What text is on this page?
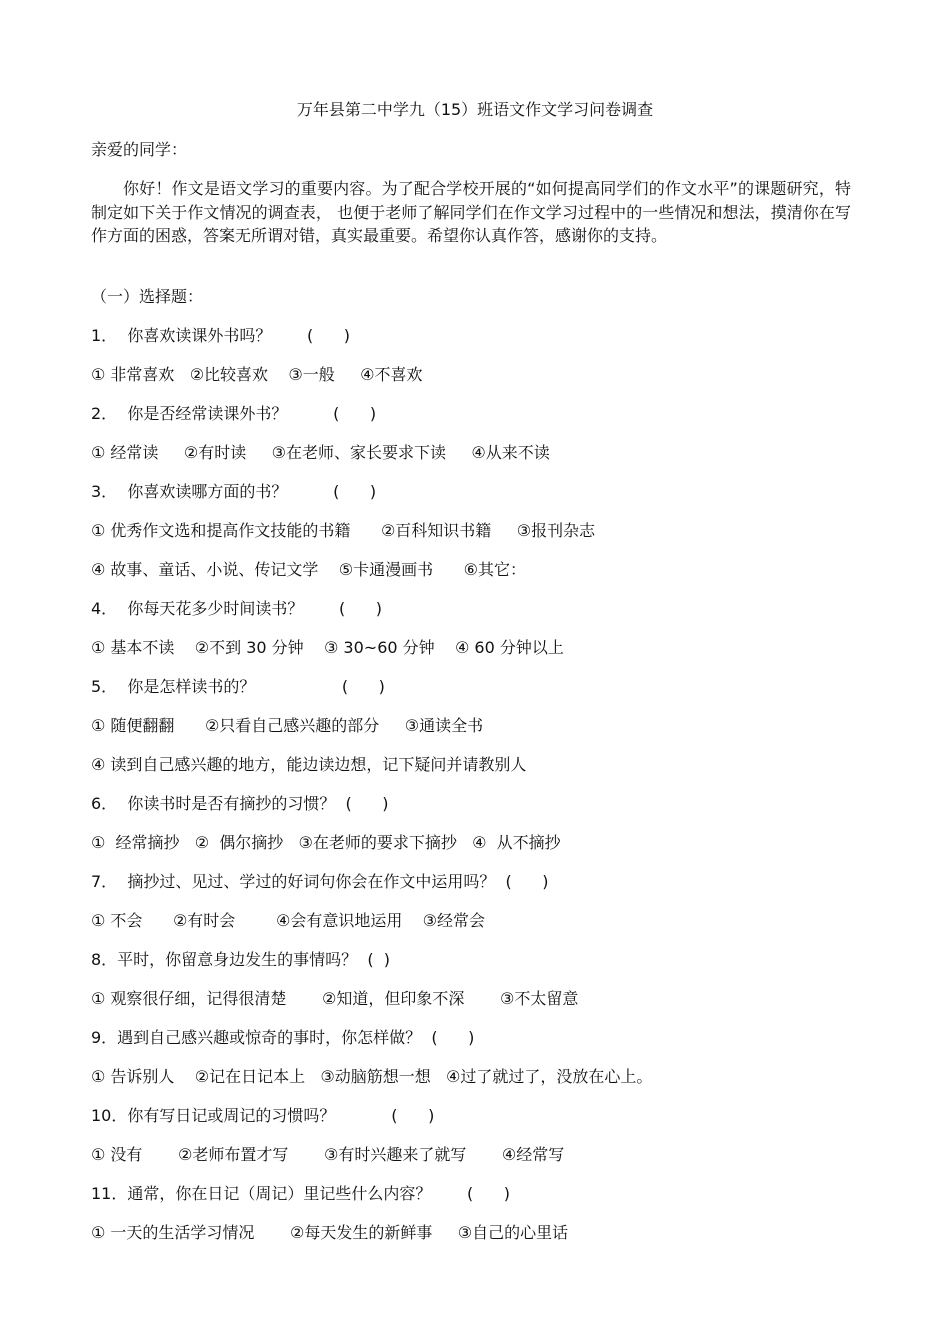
万年县第二中学九（15）班语文作文学习问卷调查
亲爱的同学：
你好！作文是语文学习的重要内容。为了配合学校开展的“如何提高同学们的作文水平”的课题研究，特制定如下关于作文情况的调查表， 也便于老师了解同学们在作文学习过程中的一些情况和想法，摸清你在写作方面的困惑，答案无所谓对错，真实最重要。希望你认真作答，感谢你的支持。
（一）选择题：
1．  你喜欢读课外书吗？       (      )
① 非常喜欢   ②比较喜欢    ③一般     ④不喜欢
2．  你是否经常读课外书？         (      )
① 经常读     ②有时读     ③在老师、家长要求下读     ④从来不读
3．  你喜欢读哪方面的书？         (      )
① 优秀作文选和提高作文技能的书籍      ②百科知识书籍     ③报刊杂志
④ 故事、童话、小说、传记文学    ⑤卡通漫画书      ⑥其它：
4．  你每天花多少时间读书？       (      )
① 基本不读    ②不到 30 分钟    ③ 30~60 分钟    ④ 60 分钟以上
5．  你是怎样读书的？                 (      )
① 随便翻翻      ②只看自己感兴趣的部分     ③通读全书
④ 读到自己感兴趣的地方，能边读边想，记下疑问并请教别人
6．  你读书时是否有摘抄的习惯？  (      )
①  经常摘抄   ②  偶尔摘抄   ③在老师的要求下摘抄   ④  从不摘抄
7．  摘抄过、见过、学过的好词句你会在作文中运用吗？  (      )
① 不会      ②有时会        ④会有意识地运用    ③经常会
8．平时，你留意身边发生的事情吗？  (  )
① 观察很仔细，记得很清楚       ②知道，但印象不深       ③不太留意
9．遇到自己感兴趣或惊奇的事时，你怎样做？  (      )
① 告诉别人    ②记在日记本上   ③动脑筋想一想   ④过了就过了，没放在心上。
10．你有写日记或周记的习惯吗？           (      )
① 没有       ②老师布置才写       ③有时兴趣来了就写       ④经常写
11．通常，你在日记（周记）里记些什么内容？       (      )
① 一天的生活学习情况       ②每天发生的新鲜事     ③自己的心里话
